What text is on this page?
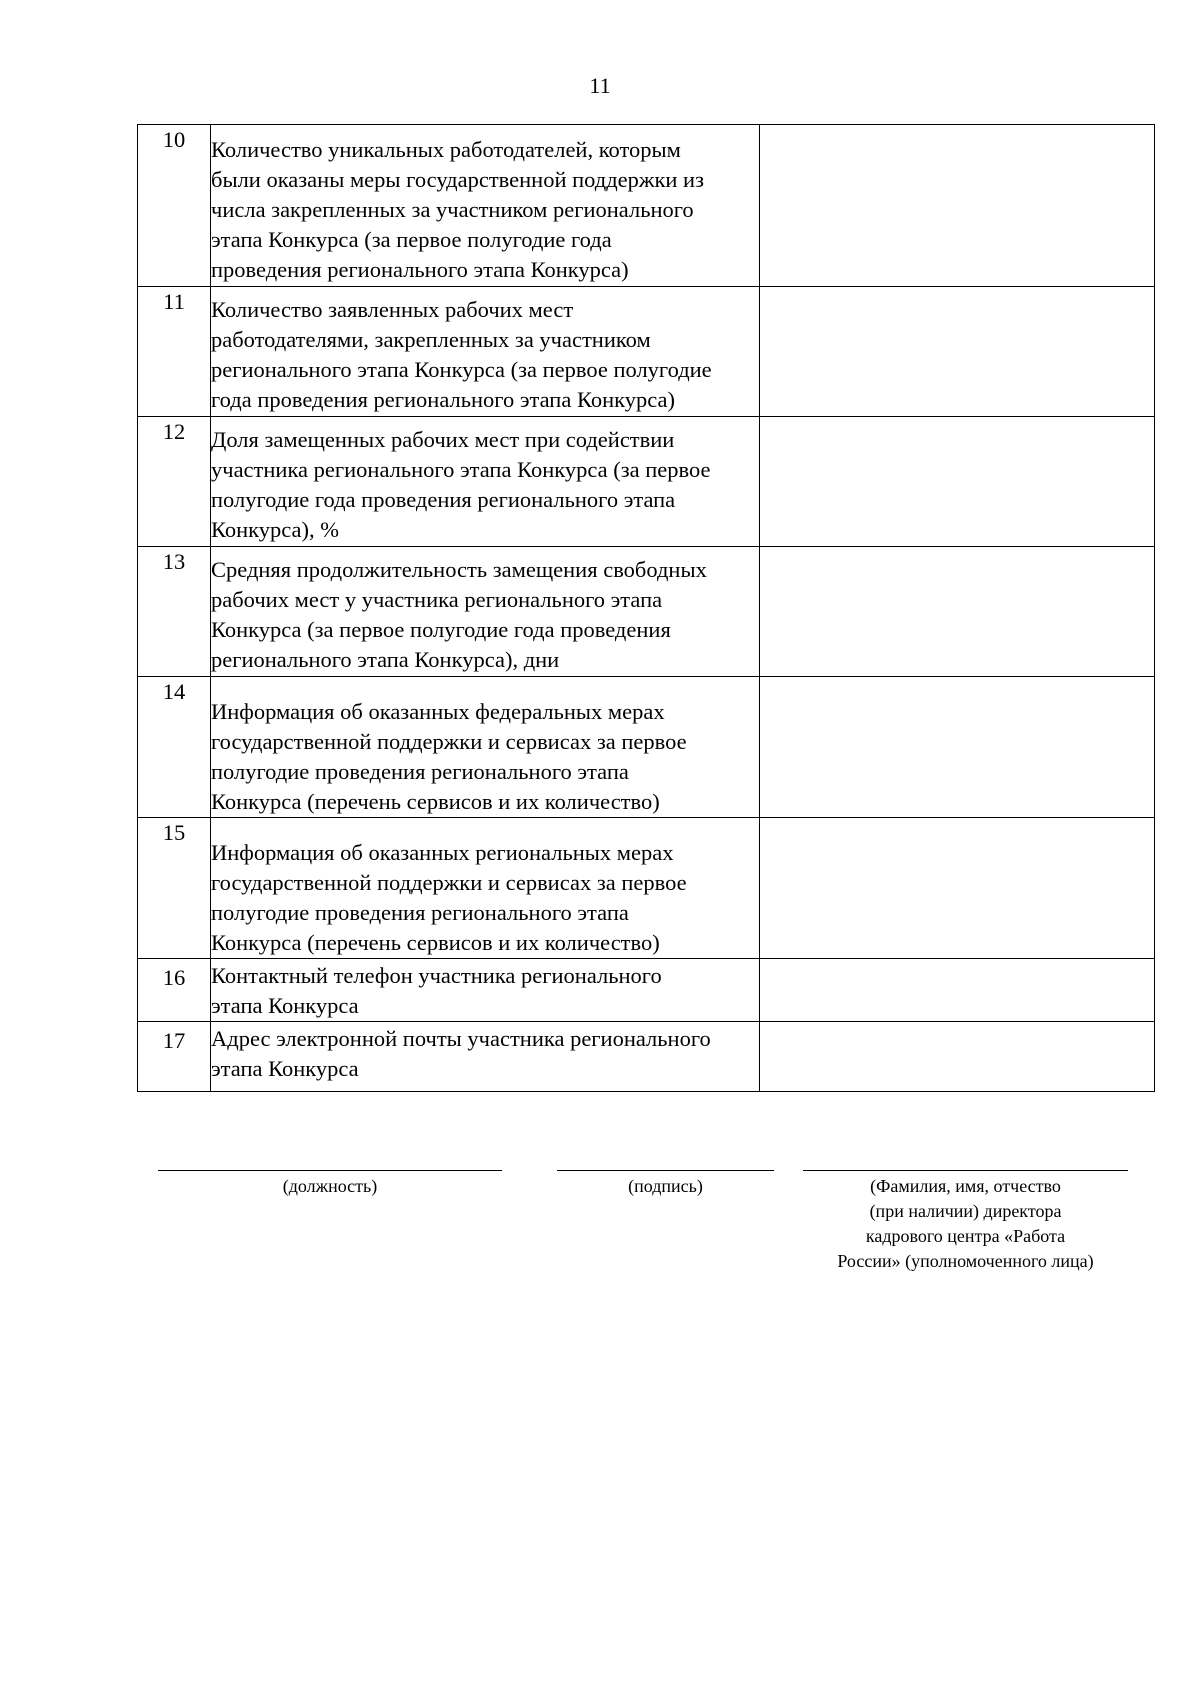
11
10	Количество уникальных работодателей, которым
были оказаны меры государственной поддержки из
числа закрепленных за участником регионального
этапа Конкурса (за первое полугодие года
проведения регионального этапа Конкурса)	

11	Количество заявленных рабочих мест
работодателями, закрепленных за участником
регионального этапа Конкурса (за первое полугодие
года проведения регионального этапа Конкурса)	

12	Доля замещенных рабочих мест при содействии
участника регионального этапа Конкурса (за первое
полугодие года проведения регионального этапа
Конкурса), %	

13	Средняя продолжительность замещения свободных
рабочих мест у участника регионального этапа
Конкурса (за первое полугодие года проведения
регионального этапа Конкурса), дни	

14	Информация об оказанных федеральных мерах
государственной поддержки и сервисах за первое
полугодие проведения регионального этапа
Конкурса (перечень сервисов и их количество)	

15	Информация об оказанных региональных мерах
государственной поддержки и сервисах за первое
полугодие проведения регионального этапа
Конкурса (перечень сервисов и их количество)	

16	Контактный телефон участника регионального
этапа Конкурса	

17	Адрес электронной почты участника регионального
этапа Конкурса	

(должность)	(подпись)	(Фамилия, имя, отчество
(при наличии) директора
кадрового центра «Работа
России» (уполномоченного лица)
